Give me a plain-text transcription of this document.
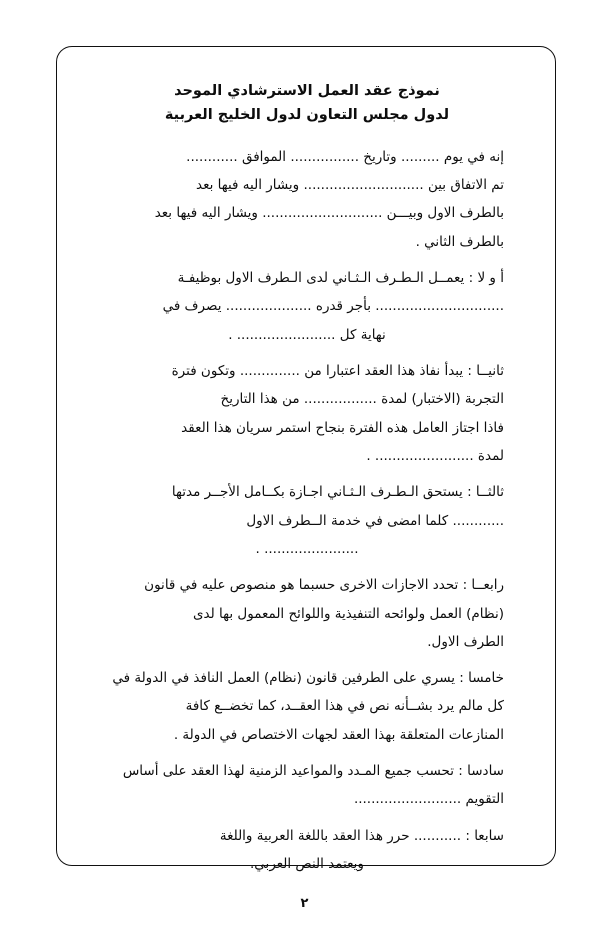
نموذج عقد العمل الاسترشادي الموحد
لدول مجلس التعاون لدول الخليج العربية
إنه في يوم ......... وتاريخ ................ الموافق ............
تم الاتفاق بين ............................ ويشار اليه فيها بعد
بالطرف الاول وبيـــن ............................ ويشار اليه فيها بعد
بالطرف الثاني .
أ و لا : يعمــل الـطـرف الـثـاني لدى الـطرف الاول بوظيفـة
.............................. بأجر قدره .................... يصرف في
نهاية كل ....................... .
ثانيــا : يبدأ نفاذ هذا العقد اعتبارا من .............. وتكون فترة
التجربة (الاختبار) لمدة ................. من هذا التاريخ
فاذا اجتاز العامل هذه الفترة بنجاح استمر سريان هذا العقد
لمدة ....................... .
ثالثــا : يستحق الـطـرف الـثـاني اجـازة بكــامل الأجــر مدتها
............ كلما امضى في خدمة الــطرف الاول
...................... .
رابعــا : تحدد الاجازات الاخرى حسبما هو منصوص عليه في قانون
(نظام) العمل ولوائحه التنفيذية واللوائح المعمول بها لدى
الطرف الاول.
خامسا : يسري على الطرفين قانون (نظام) العمل النافذ في الدولة في
كل مالم يرد بشــأنه نص في هذا العقــد، كما تخضــع كافة
المنازعات المتعلقة بهذا العقد لجهات الاختصاص في الدولة .
سادسا : تحسب جميع المـدد والمواعيد الزمنية لهذا العقد على أساس
التقويم .........................
سابعا : ........... حرر هذا العقد باللغة العربية واللغة
ويعتمد النص العربي.
٢
